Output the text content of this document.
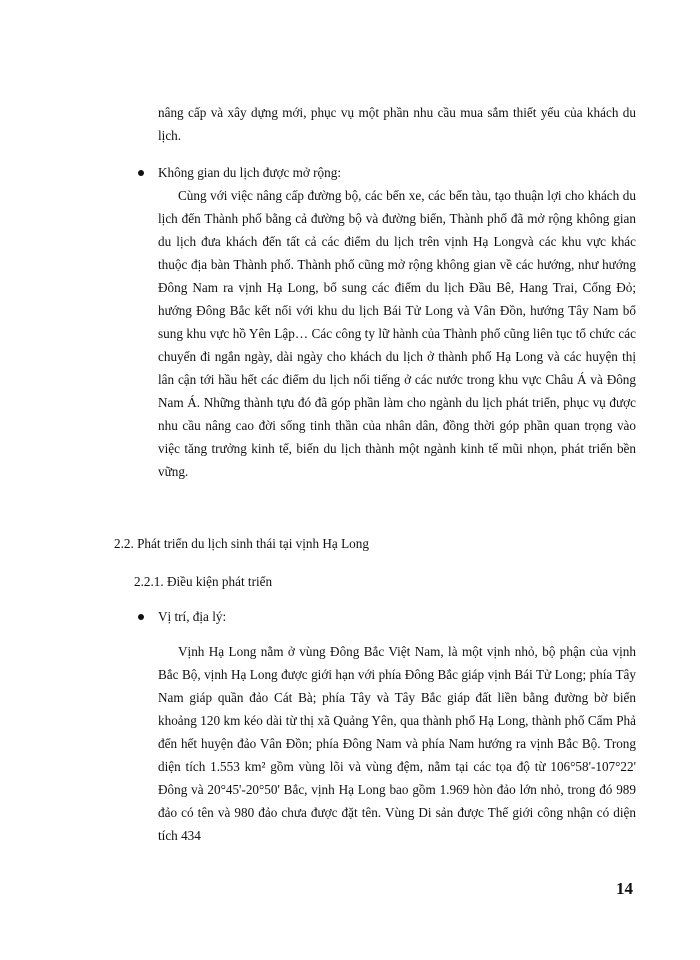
nâng cấp và xây dựng mới, phục vụ một phần nhu cầu mua sắm thiết yếu của khách du lịch.

Không gian du lịch được mở rộng:

Cùng với việc nâng cấp đường bộ, các bến xe, các bến tàu, tạo thuận lợi cho khách du lịch đến Thành phố bằng cả đường bộ và đường biển, Thành phố đã mở rộng không gian du lịch đưa khách đến tất cả các điểm du lịch trên vịnh Hạ Longvà các khu vực khác thuộc địa bàn Thành phố. Thành phố cũng mở rộng không gian về các hướng, như hướng Đông Nam ra vịnh Hạ Long, bổ sung các điểm du lịch Đầu Bê, Hang Trai, Cống Đỏ; hướng Đông Bắc kết nối với khu du lịch Bái Tử Long và Vân Đồn, hướng Tây Nam bổ sung khu vực hồ Yên Lập… Các công ty lữ hành của Thành phố cũng liên tục tổ chức các chuyến đi ngắn ngày, dài ngày cho khách du lịch ở thành phố Hạ Long và các huyện thị lân cận tới hầu hết các điểm du lịch nổi tiếng ở các nước trong khu vực Châu Á và Đông Nam Á. Những thành tựu đó đã góp phần làm cho ngành du lịch phát triển, phục vụ được nhu cầu nâng cao đời sống tinh thần của nhân dân, đồng thời góp phần quan trọng vào việc tăng trưởng kinh tế, biến du lịch thành một ngành kinh tế mũi nhọn, phát triển bền vững.

2.2. Phát triển du lịch sinh thái tại vịnh Hạ Long
2.2.1. Điều kiện phát triển
Vị trí, địa lý:

Vịnh Hạ Long nằm ở vùng Đông Bắc Việt Nam, là một vịnh nhỏ, bộ phận của vịnh Bắc Bộ, vịnh Hạ Long được giới hạn với phía Đông Bắc giáp vịnh Bái Tử Long; phía Tây Nam giáp quần đảo Cát Bà; phía Tây và Tây Bắc giáp đất liền bằng đường bờ biển khoảng 120 km kéo dài từ thị xã Quảng Yên, qua thành phố Hạ Long, thành phố Cẩm Phả đến hết huyện đảo Vân Đồn; phía Đông Nam và phía Nam hướng ra vịnh Bắc Bộ. Trong diện tích 1.553 km² gồm vùng lõi và vùng đệm, nằm tại các tọa độ từ 106°58'-107°22' Đông và 20°45'-20°50' Bắc, vịnh Hạ Long bao gồm 1.969 hòn đảo lớn nhỏ, trong đó 989 đảo có tên và 980 đảo chưa được đặt tên. Vùng Di sản được Thế giới công nhận có diện tích 434

14
